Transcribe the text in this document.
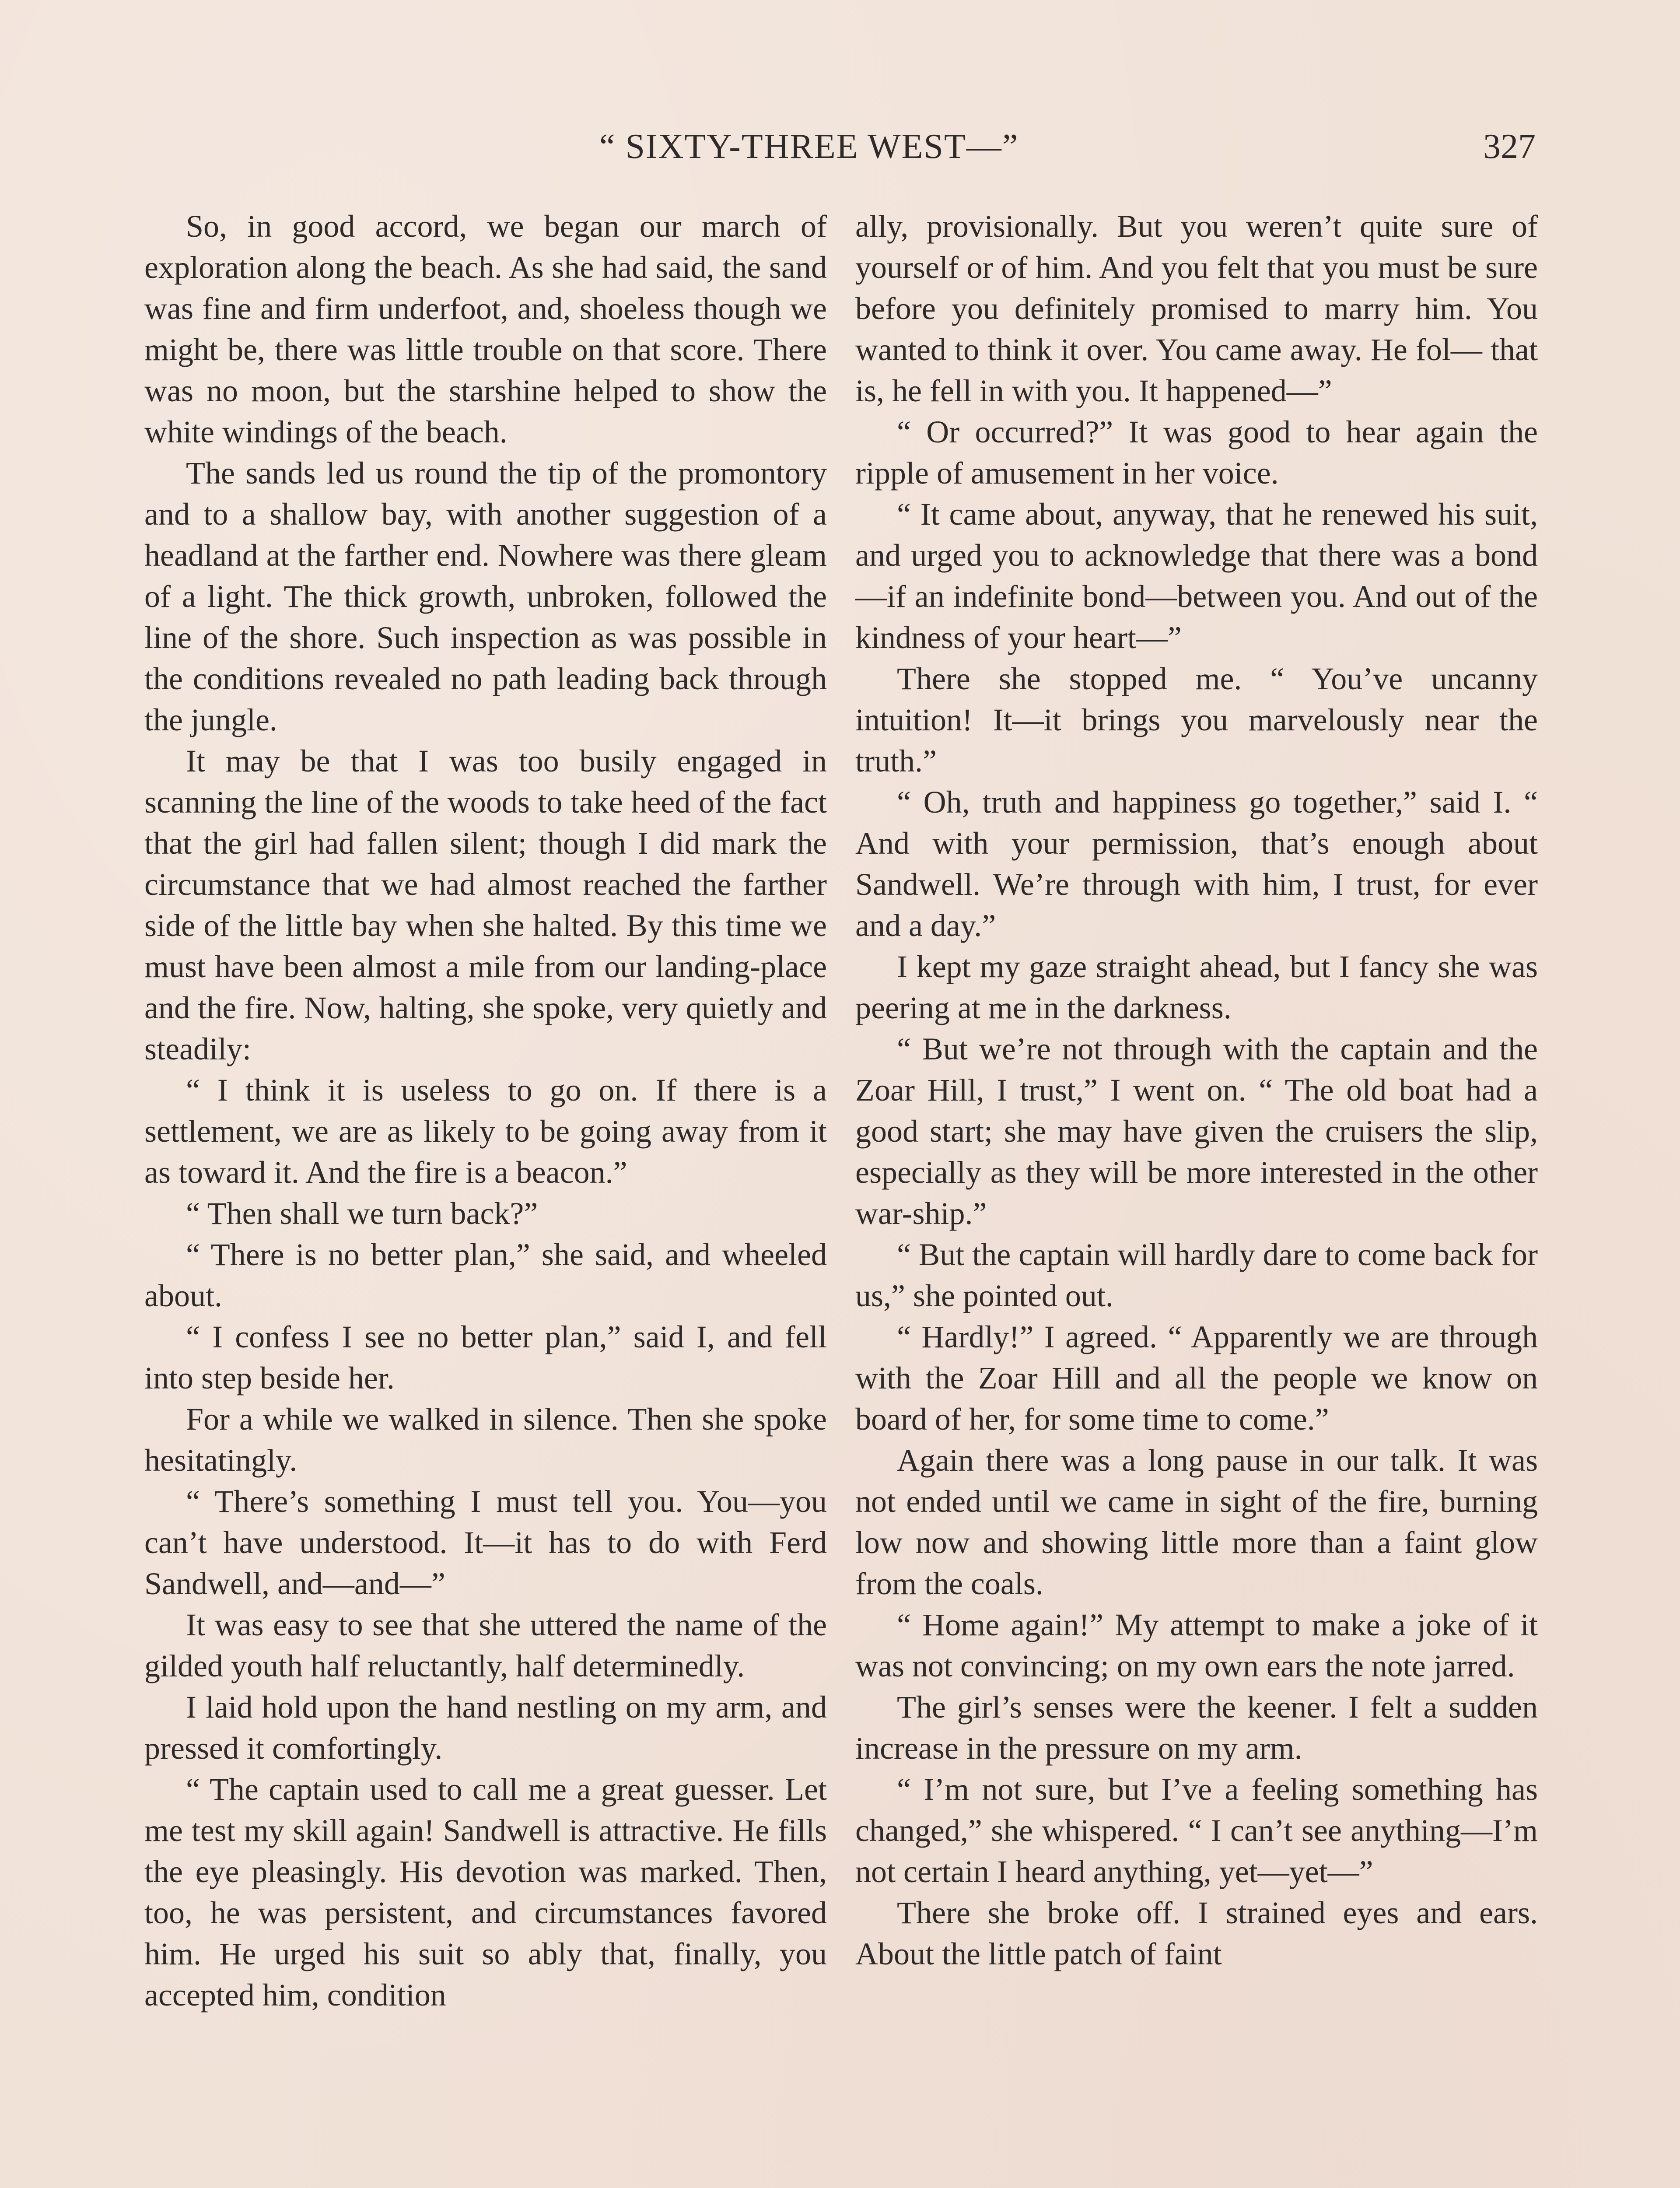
“ SIXTY-THREE WEST—”	327

So, in good accord, we began our march of exploration along the beach. As she had said, the sand was fine and firm underfoot, and, shoeless though we might be, there was little trouble on that score. There was no moon, but the starshine helped to show the white windings of the beach.

The sands led us round the tip of the promontory and to a shallow bay, with another suggestion of a headland at the farther end. Nowhere was there gleam of a light. The thick growth, unbroken, followed the line of the shore. Such inspection as was possible in the conditions revealed no path leading back through the jungle.

It may be that I was too busily engaged in scanning the line of the woods to take heed of the fact that the girl had fallen silent; though I did mark the circumstance that we had almost reached the farther side of the little bay when she halted. By this time we must have been almost a mile from our landing-place and the fire. Now, halting, she spoke, very quietly and steadily:

“ I think it is useless to go on. If there is a settlement, we are as likely to be going away from it as toward it. And the fire is a beacon.”

“ Then shall we turn back?”

“ There is no better plan,” she said, and wheeled about.

“ I confess I see no better plan,” said I, and fell into step beside her.

For a while we walked in silence. Then she spoke hesitatingly.

“ There’s something I must tell you. You—you can’t have understood. It—it has to do with Ferd Sandwell, and—and—”

It was easy to see that she uttered the name of the gilded youth half reluctantly, half determinedly.

I laid hold upon the hand nestling on my arm, and pressed it comfortingly.

“ The captain used to call me a great guesser. Let me test my skill again! Sandwell is attractive. He fills the eye pleasingly. His devotion was marked. Then, too, he was persistent, and circumstances favored him. He urged his suit so ably that, finally, you accepted him, condition

ally, provisionally. But you weren’t quite sure of yourself or of him. And you felt that you must be sure before you definitely promised to marry him. You wanted to think it over. You came away. He fol— that is, he fell in with you. It happened—”

“ Or occurred?” It was good to hear again the ripple of amusement in her voice.

“ It came about, anyway, that he renewed his suit, and urged you to acknowledge that there was a bond—if an indefinite bond—between you. And out of the kindness of your heart—”

There she stopped me. “ You’ve uncanny intuition! It—it brings you marvelously near the truth.”

“ Oh, truth and happiness go together,” said I. “ And with your permission, that’s enough about Sandwell. We’re through with him, I trust, for ever and a day.”

I kept my gaze straight ahead, but I fancy she was peering at me in the darkness.

“ But we’re not through with the captain and the Zoar Hill, I trust,” I went on. “ The old boat had a good start; she may have given the cruisers the slip, especially as they will be more interested in the other war-ship.”

“ But the captain will hardly dare to come back for us,” she pointed out.

“ Hardly!” I agreed. “ Apparently we are through with the Zoar Hill and all the people we know on board of her, for some time to come.”

Again there was a long pause in our talk. It was not ended until we came in sight of the fire, burning low now and showing little more than a faint glow from the coals.

“ Home again!” My attempt to make a joke of it was not convincing; on my own ears the note jarred.

The girl’s senses were the keener. I felt a sudden increase in the pressure on my arm.

“ I’m not sure, but I’ve a feeling something has changed,” she whispered. “ I can’t see anything—I’m not certain I heard anything, yet—yet—”

There she broke off. I strained eyes and ears. About the little patch of faint
